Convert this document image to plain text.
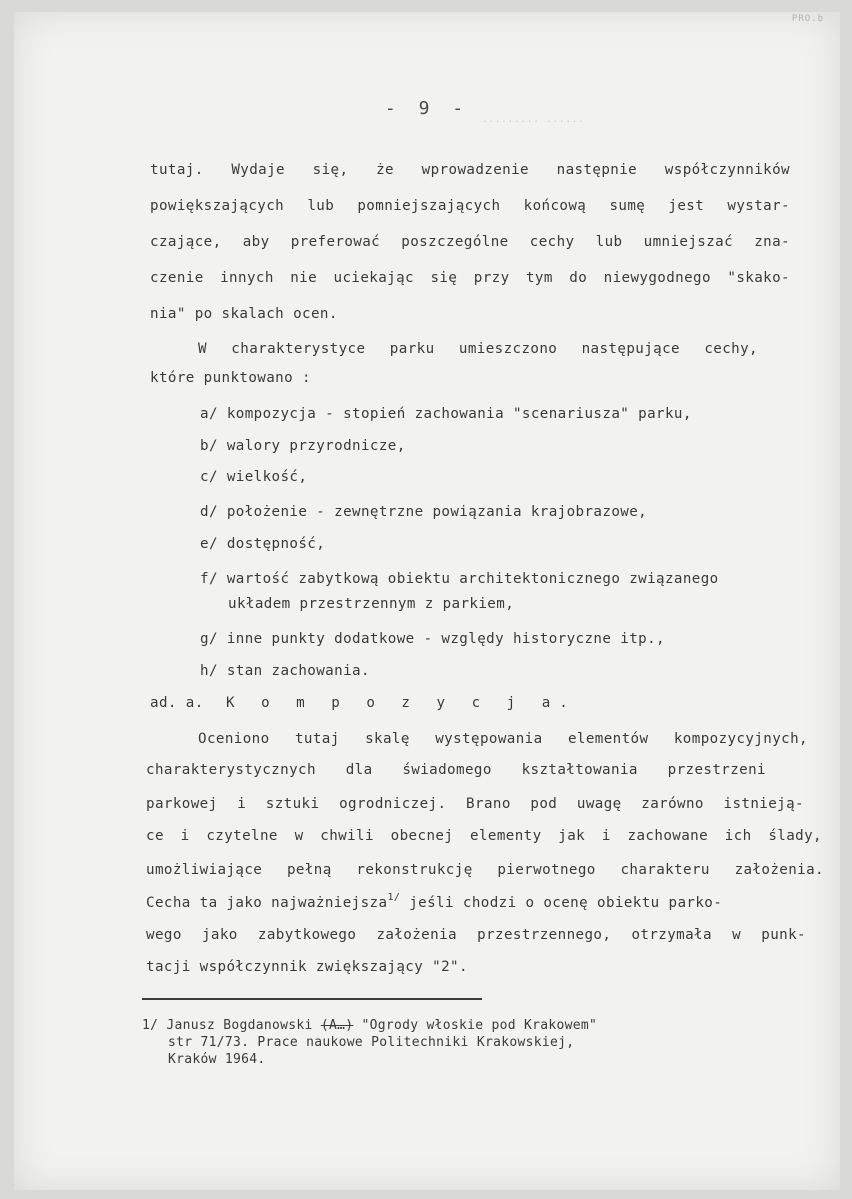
PRO.b
- 9 -
......... ......
tutaj. Wydaje się, że wprowadzenie następnie współczynników
powiększających lub pomniejszających końcową sumę jest wystar-
czające, aby preferować poszczególne cechy lub umniejszać zna-
czenie innych nie uciekając się przy tym do niewygodnego "skako-
nia" po skalach ocen.
W charakterystyce parku umieszczono następujące cechy,
które punktowano :
a/ kompozycja - stopień zachowania "scenariusza" parku,
b/ walory przyrodnicze,
c/ wielkość,
d/ położenie - zewnętrzne powiązania krajobrazowe,
e/ dostępność,
f/ wartość zabytkową obiektu architektonicznego związanego
układem przestrzennym z parkiem,
g/ inne punkty dodatkowe - względy historyczne itp.,
h/ stan zachowania.
ad. a. K o m p o z y c j a.
Oceniono tutaj skalę występowania elementów kompozycyjnych,
charakterystycznych dla świadomego kształtowania przestrzeni
parkowej i sztuki ogrodniczej. Brano pod uwagę zarówno istnieją-
ce i czytelne w chwili obecnej elementy jak i zachowane ich ślady,
umożliwiające pełną rekonstrukcję pierwotnego charakteru założenia.
Cecha ta jako najważniejsza$^{1/}$ jeśli chodzi o ocenę obiektu parko-
wego jako zabytkowego założenia przestrzennego, otrzymała w punk-
tacji współczynnik zwiększający "2".
1/ Janusz Bogdanowski (A…) "Ogrody włoskie pod Krakowem"
str 71/73. Prace naukowe Politechniki Krakowskiej,
Kraków 1964.
